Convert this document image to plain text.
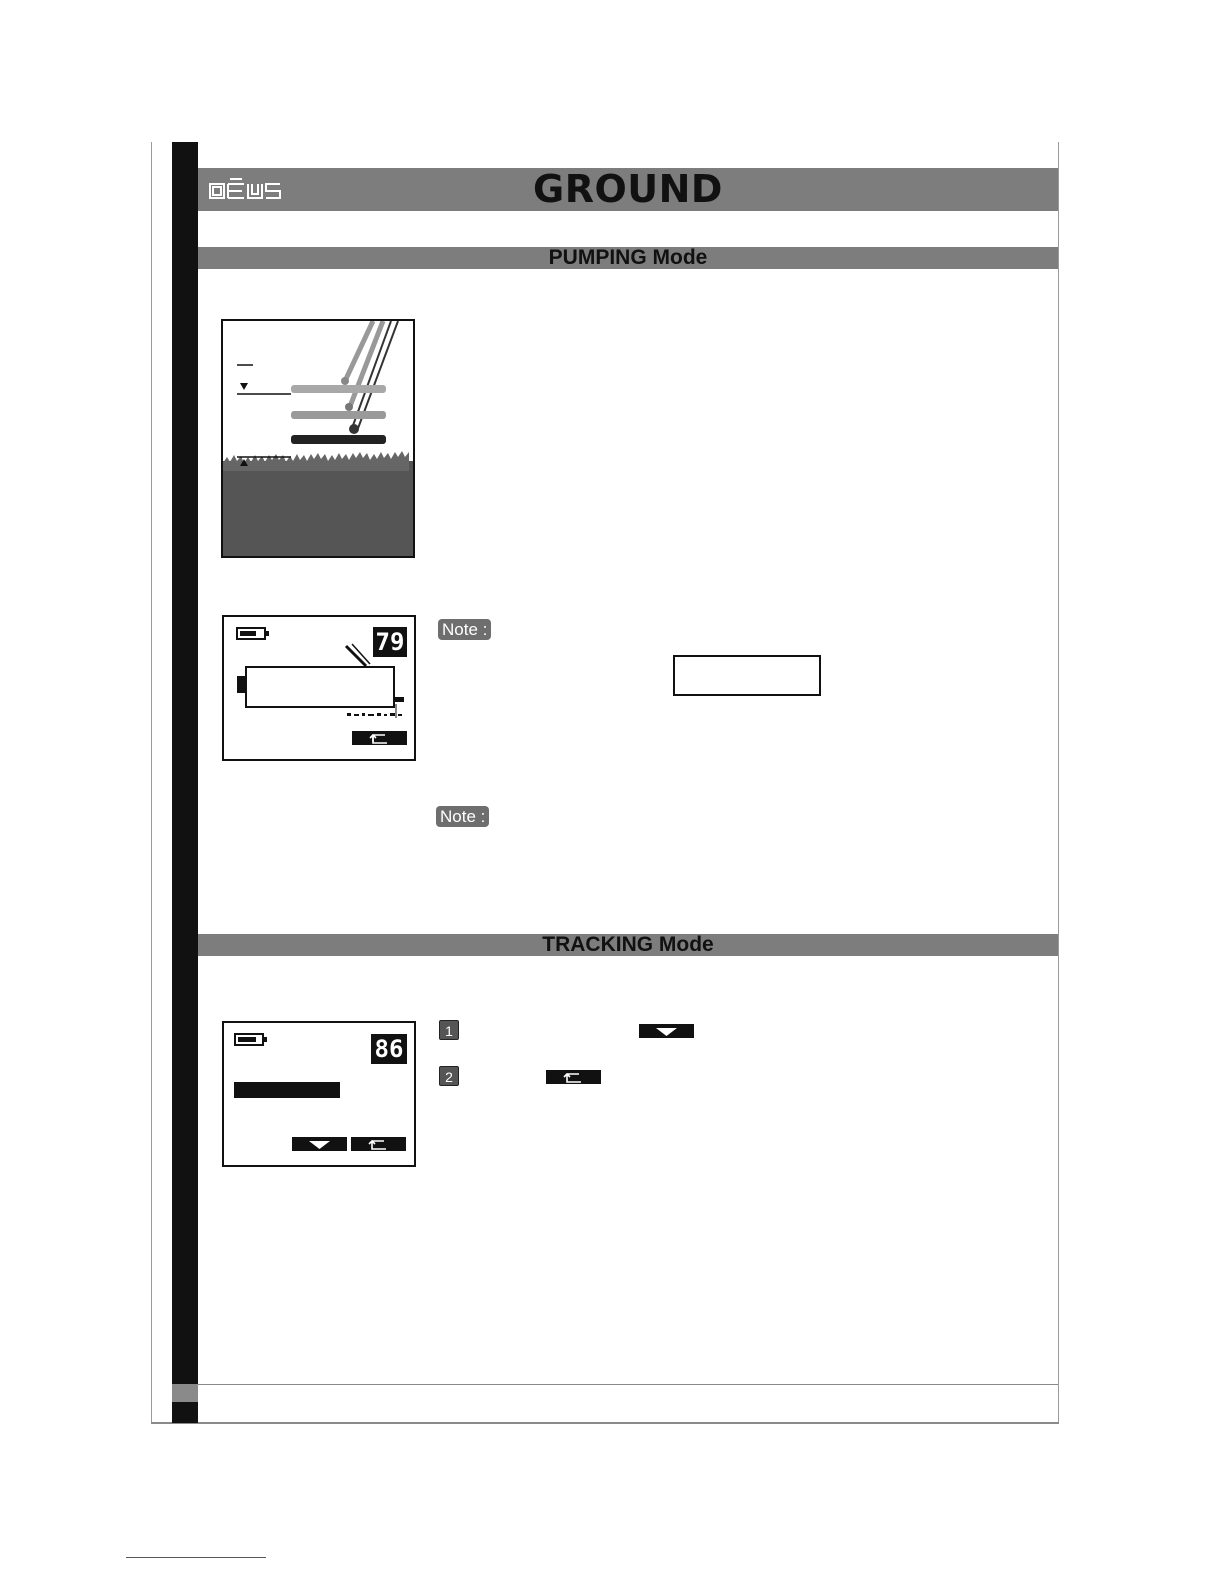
GROUND
PUMPING Mode
79 Note :
Note :
TRACKING Mode
86
1
2
